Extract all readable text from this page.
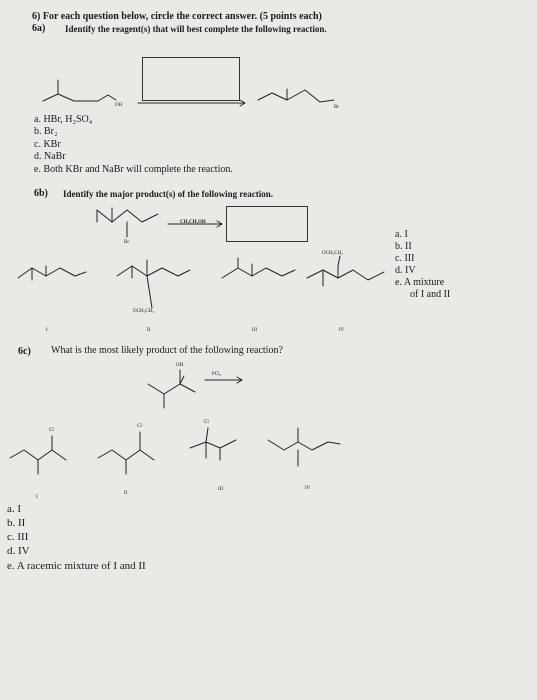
6) For each question below, circle the correct answer. (5 points each)
6a) Identify the reagent(s) that will best complete the following reaction.
OH	Br
a. HBr, H₂SO₄
b. Br₂
c. KBr
d. NaBr
e. Both KBr and NaBr will complete the reaction.
6b) Identify the major product(s) of the following reaction.
Br
CH₃CH₂OH
OCH₂CH₃
OCH₂CH₃
I	II	III	IV
a. I
b. II
c. III
d. IV
e. A mixture
of I and II
6c) What is the most likely product of the following reaction?
OH
PCl₃
Cl
Cl
Cl
I
II
III	IV
a. I
b. II
c. III
d. IV
e. A racemic mixture of I and II
